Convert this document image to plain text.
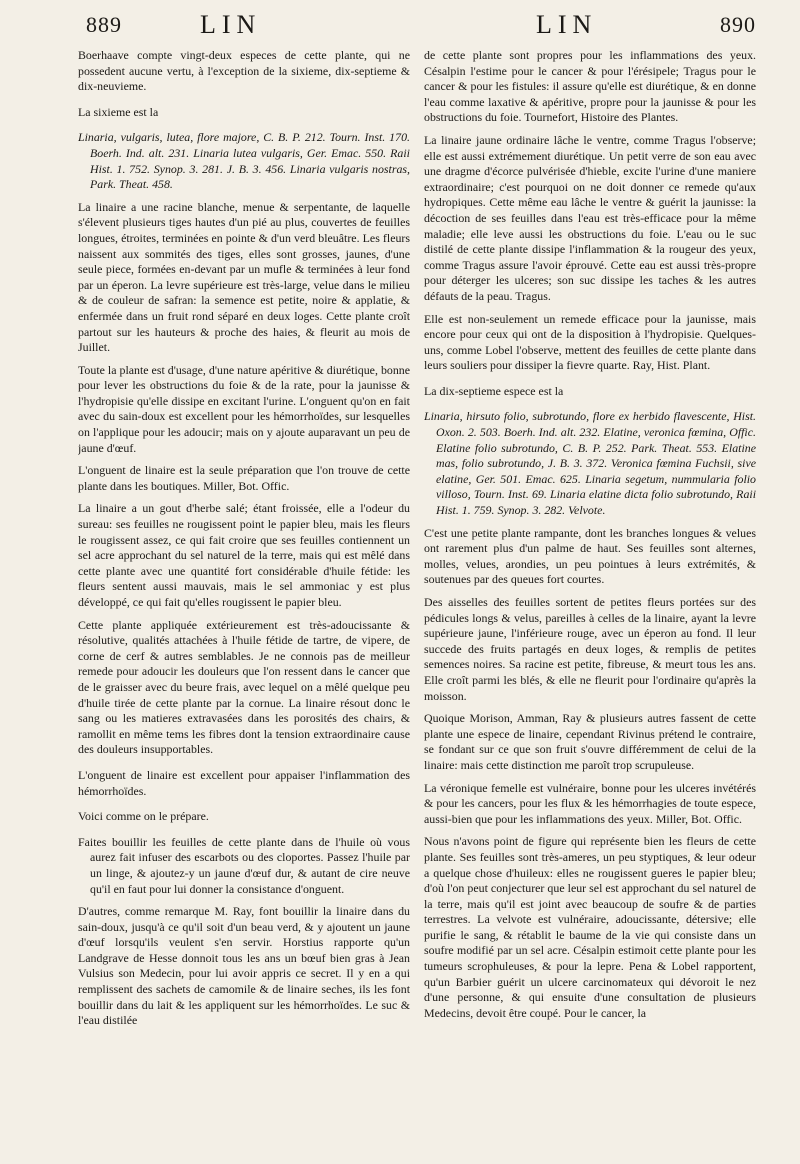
889	LIN	LIN	890

Boerhaave compte vingt-deux especes de cette plante, qui ne possedent aucune vertu, à l'exception de la sixieme, dix-septieme & dix-neuvieme.

La sixieme est la

Linaria, vulgaris, lutea, flore majore, C. B. P. 212. Tourn. Inst. 170. Boerh. Ind. alt. 231. Linaria lutea vulgaris, Ger. Emac. 550. Raii Hist. 1. 752. Synop. 3. 281. J. B. 3. 456. Linaria vulgaris nostras, Park. Theat. 458.

La linaire a une racine blanche, menue & serpentante, de laquelle s'élevent plusieurs tiges hautes d'un pié au plus, couvertes de feuilles longues, étroites, terminées en pointe & d'un verd bleuâtre. Les fleurs naissent aux sommités des tiges, elles sont grosses, jaunes, d'une seule piece, formées en-devant par un mufle & terminées à leur fond par un éperon. La levre supérieure est très-large, velue dans le milieu & de couleur de safran: la semence est petite, noire & applatie, & enfermée dans un fruit rond séparé en deux loges. Cette plante croît partout sur les hauteurs & proche des haies, & fleurit au mois de Juillet.

Toute la plante est d'usage, d'une nature apéritive & diurétique, bonne pour lever les obstructions du foie & de la rate, pour la jaunisse & l'hydropisie qu'elle dissipe en excitant l'urine. L'onguent qu'on en fait avec du sain-doux est excellent pour les hémorrhoïdes, sur lesquelles on l'applique pour les adoucir; mais on y ajoute auparavant un peu de jaune d'œuf.

L'onguent de linaire est la seule préparation que l'on trouve de cette plante dans les boutiques. Miller, Bot. Offic.

La linaire a un gout d'herbe salé; étant froissée, elle a l'odeur du sureau: ses feuilles ne rougissent point le papier bleu, mais les fleurs le rougissent assez, ce qui fait croire que ses feuilles contiennent un sel acre approchant du sel naturel de la terre, mais qui est mêlé dans cette plante avec une quantité fort considérable d'huile fétide: les fleurs sentent aussi mauvais, mais le sel ammoniac y est plus développé, ce qui fait qu'elles rougissent le papier bleu.

Cette plante appliquée extérieurement est très-adoucissante & résolutive, qualités attachées à l'huile fétide de tartre, de vipere, de corne de cerf & autres semblables. Je ne connois pas de meilleur remede pour adoucir les douleurs que l'on ressent dans le cancer que de le graisser avec du beure frais, avec lequel on a mêlé quelque peu d'huile tirée de cette plante par la cornue. La linaire résout donc le sang ou les matieres extravasées dans les porosités des chairs, & ramollit en même tems les fibres dont la tension extraordinaire cause des douleurs insupportables.

L'onguent de linaire est excellent pour appaiser l'inflammation des hémorrhoïdes.

Voici comme on le prépare.

Faites bouillir les feuilles de cette plante dans de l'huile où vous aurez fait infuser des escarbots ou des cloportes. Passez l'huile par un linge, & ajoutez-y un jaune d'œuf dur, & autant de cire neuve qu'il en faut pour lui donner la consistance d'onguent.

D'autres, comme remarque M. Ray, font bouillir la linaire dans du sain-doux, jusqu'à ce qu'il soit d'un beau verd, & y ajoutent un jaune d'œuf lorsqu'ils veulent s'en servir. Horstius rapporte qu'un Landgrave de Hesse donnoit tous les ans un bœuf bien gras à Jean Vulsius son Medecin, pour lui avoir appris ce secret. Il y en a qui remplissent des sachets de camomile & de linaire seches, ils les font bouillir dans du lait & les appliquent sur les hémorrhoïdes. Le suc & l'eau distilée

de cette plante sont propres pour les inflammations des yeux. Césalpin l'estime pour le cancer & pour l'érésipele; Tragus pour le cancer & pour les fistules: il assure qu'elle est diurétique, & en donne l'eau comme laxative & apéritive, propre pour la jaunisse & pour les obstructions du foie. Tournefort, Histoire des Plantes.

La linaire jaune ordinaire lâche le ventre, comme Tragus l'observe; elle est aussi extrémement diurétique. Un petit verre de son eau avec une dragme d'écorce pulvérisée d'hieble, excite l'urine d'une maniere extraordinaire; c'est pourquoi on ne doit donner ce remede qu'aux hydropiques. Cette même eau lâche le ventre & guérit la jaunisse: la décoction de ses feuilles dans l'eau est très-efficace pour la même maladie; elle leve aussi les obstructions du foie. L'eau ou le suc distilé de cette plante dissipe l'inflammation & la rougeur des yeux, comme Tragus assure l'avoir éprouvé. Cette eau est aussi très-propre pour déterger les ulceres; son suc dissipe les taches & les autres défauts de la peau. Tragus.

Elle est non-seulement un remede efficace pour la jaunisse, mais encore pour ceux qui ont de la disposition à l'hydropisie. Quelques-uns, comme Lobel l'observe, mettent des feuilles de cette plante dans leurs souliers pour dissiper la fievre quarte. Ray, Hist. Plant.

La dix-septieme espece est la

Linaria, hirsuto folio, subrotundo, flore ex herbido flavescente, Hist. Oxon. 2. 503. Boerh. Ind. alt. 232. Elatine, veronica fœmina, Offic. Elatine folio subrotundo, C. B. P. 252. Park. Theat. 553. Elatine mas, folio subrotundo, J. B. 3. 372. Veronica fœmina Fuchsii, sive elatine, Ger. 501. Emac. 625. Linaria segetum, nummularia folio villoso, Tourn. Inst. 69. Linaria elatine dicta folio subrotundo, Raii Hist. 1. 759. Synop. 3. 282. Velvote.

C'est une petite plante rampante, dont les branches longues & velues ont rarement plus d'un palme de haut. Ses feuilles sont alternes, molles, velues, arondies, un peu pointues à leurs extrémités, & soutenues par des queues fort courtes.

Des aisselles des feuilles sortent de petites fleurs portées sur des pédicules longs & velus, pareilles à celles de la linaire, ayant la levre supérieure jaune, l'inférieure rouge, avec un éperon au fond. Il leur succede des fruits partagés en deux loges, & remplis de petites semences noires. Sa racine est petite, fibreuse, & meurt tous les ans. Elle croît parmi les blés, & elle ne fleurit pour l'ordinaire qu'après la moisson.

Quoique Morison, Amman, Ray & plusieurs autres fassent de cette plante une espece de linaire, cependant Rivinus prétend le contraire, se fondant sur ce que son fruit s'ouvre différemment de celui de la linaire: mais cette distinction me paroît trop scrupuleuse.

La véronique femelle est vulnéraire, bonne pour les ulceres invétérés & pour les cancers, pour les flux & les hémorrhagies de toute espece, aussi-bien que pour les inflammations des yeux. Miller, Bot. Offic.

Nous n'avons point de figure qui représente bien les fleurs de cette plante. Ses feuilles sont très-ameres, un peu styptiques, & leur odeur a quelque chose d'huileux: elles ne rougissent gueres le papier bleu; d'où l'on peut conjecturer que leur sel est approchant du sel naturel de la terre, mais qu'il est joint avec beaucoup de soufre & de parties terrestres. La velvote est vulnéraire, adoucissante, détersive; elle purifie le sang, & rétablit le baume de la vie qui consiste dans un soufre modifié par un sel acre. Césalpin estimoit cette plante pour les tumeurs scrophuleuses, & pour la lepre. Pena & Lobel rapportent, qu'un Barbier guérit un ulcere carcinomateux qui dévoroit le nez d'une personne, & qui ensuite d'une consultation de plusieurs Medecins, devoit être coupé. Pour le cancer, la
